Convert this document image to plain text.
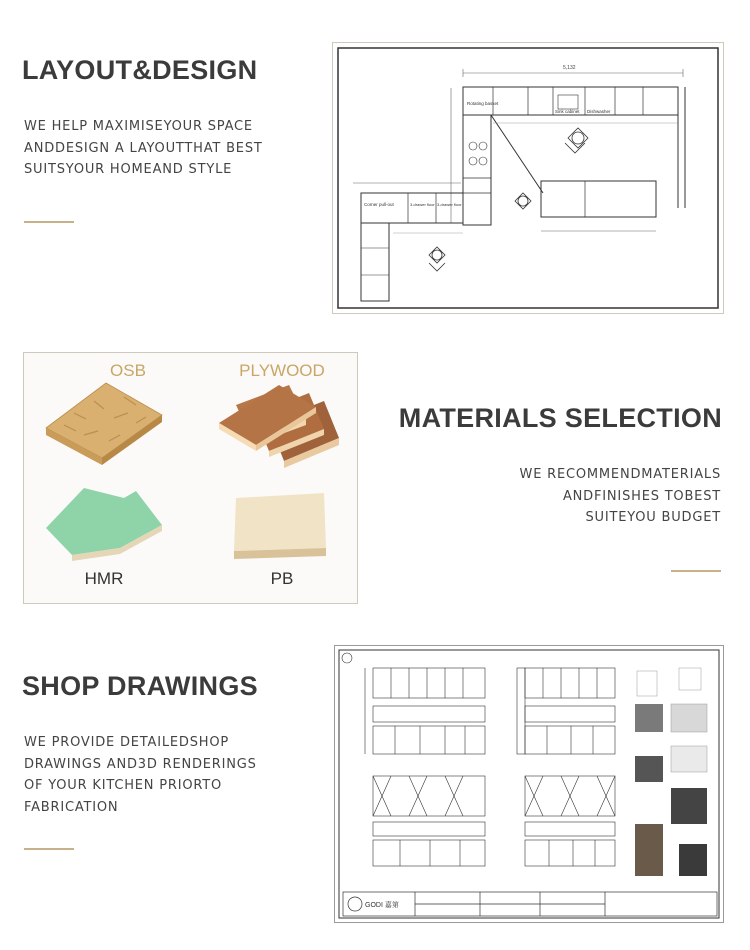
LAYOUT&DESIGN
WE HELP MAXIMISEYOUR SPACE
ANDDESIGN A LAYOUTTHAT BEST
SUITSYOUR HOMEAND STYLE
5,132
Rotating basket
Sink cabinet Dishwasher
Corner pull-out	3-drawer floor 3-drawer floor
OSB	PLYWOOD
HMR	PB
MATERIALS SELECTION
WE RECOMMENDMATERIALS
ANDFINISHES TOBEST
SUITEYOU BUDGET
SHOP DRAWINGS
WE PROVIDE DETAILEDSHOP
DRAWINGS AND3D RENDERINGS
OF YOUR KITCHEN PRIORTO
FABRICATION
GODI 嘉第
